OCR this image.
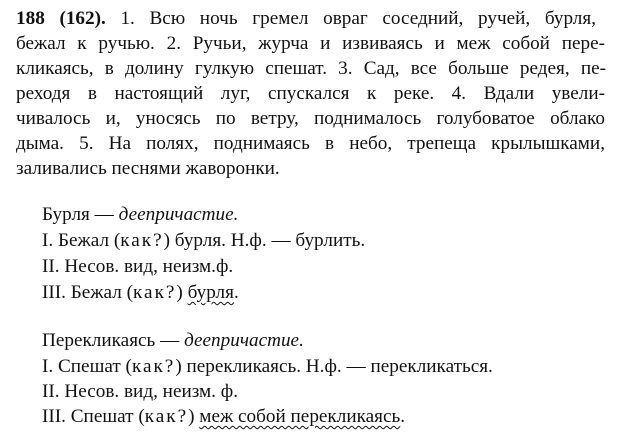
188 (162). 1. Всю ночь гремел овраг соседний, ручей, бурля,
бежал к ручью. 2. Ручьи, журча и извиваясь и меж собой пере-
кликаясь, в долину гулкую спешат. 3. Сад, все больше редея, пе-
реходя в настоящий луг, спускался к реке. 4. Вдали увели-
чивалось и, уносясь по ветру, поднималось голубоватое облако
дыма. 5. На полях, поднимаясь в небо, трепеща крылышками,
заливались песнями жаворонки.
Бурля — деепричастие.
I. Бежал (как?) бурля. Н.ф. — бурлить.
II. Несов. вид, неизм.ф.
III. Бежал (как?) бурля.
Перекликаясь — деепричастие.
I. Спешат (как?) перекликаясь. Н.ф. — перекликаться.
II. Несов. вид, неизм. ф.
III. Спешат (как?) меж собой перекликаясь.
